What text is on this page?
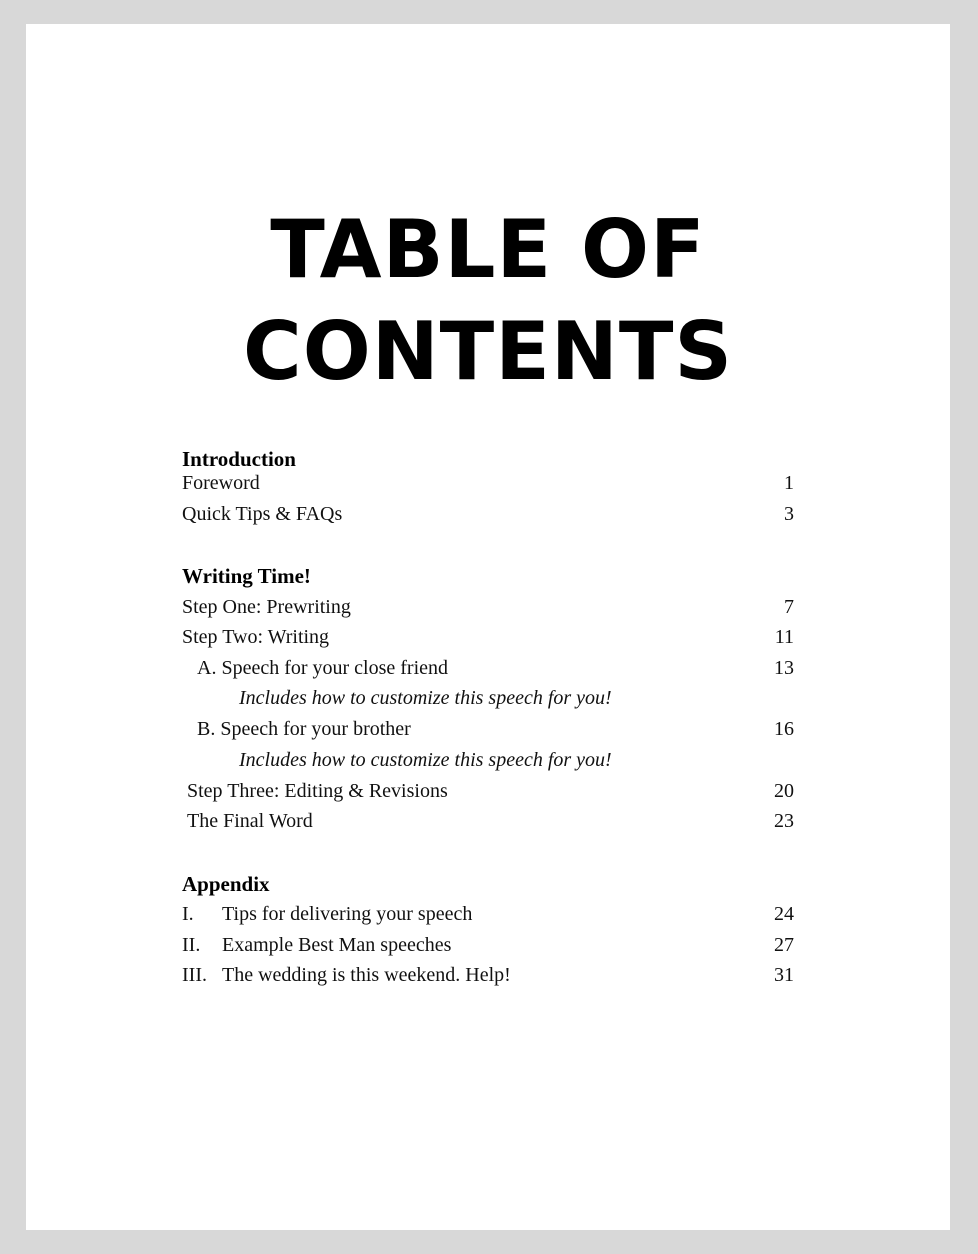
TABLE OF
CONTENTS
Introduction
Foreword	1
Quick Tips & FAQs	3
Writing Time!
Step One: Prewriting	7
Step Two: Writing	11
A. Speech for your close friend	13
Includes how to customize this speech for you!
B. Speech for your brother	16
Includes how to customize this speech for you!
Step Three: Editing & Revisions	20
The Final Word	23
Appendix
I.	Tips for delivering your speech	24
II.	Example Best Man speeches	27
III. The wedding is this weekend. Help!	31
